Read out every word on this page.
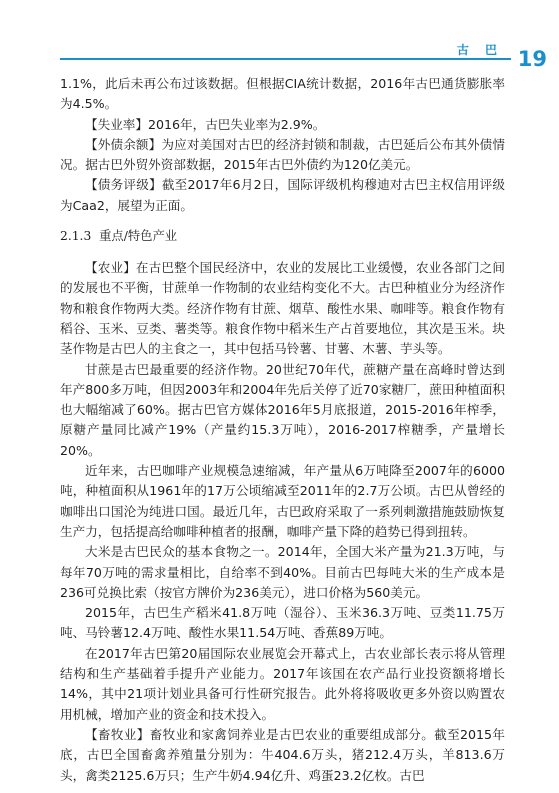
古 巴 19

1.1%，此后未再公布过该数据。但根据CIA统计数据，2016年古巴通货膨胀率为4.5%。

【失业率】2016年，古巴失业率为2.9%。

【外债余额】为应对美国对古巴的经济封锁和制裁，古巴延后公布其外债情况。据古巴外贸外资部数据，2015年古巴外债约为120亿美元。

【债务评级】截至2017年6月2日，国际评级机构穆迪对古巴主权信用评级为Caa2，展望为正面。

2.1.3 重点/特色产业

【农业】在古巴整个国民经济中，农业的发展比工业缓慢，农业各部门之间的发展也不平衡，甘蔗单一作物制的农业结构变化不大。古巴种植业分为经济作物和粮食作物两大类。经济作物有甘蔗、烟草、酸性水果、咖啡等。粮食作物有稻谷、玉米、豆类、薯类等。粮食作物中稻米生产占首要地位，其次是玉米。块茎作物是古巴人的主食之一，其中包括马铃薯、甘薯、木薯、芋头等。

甘蔗是古巴最重要的经济作物。20世纪70年代，蔗糖产量在高峰时曾达到年产800多万吨，但因2003年和2004年先后关停了近70家糖厂，蔗田种植面积也大幅缩减了60%。据古巴官方媒体2016年5月底报道，2015-2016年榨季，原糖产量同比减产19%（产量约15.3万吨），2016-2017榨糖季，产量增长20%。

近年来，古巴咖啡产业规模急速缩减，年产量从6万吨降至2007年的6000吨，种植面积从1961年的17万公顷缩减至2011年的2.7万公顷。古巴从曾经的咖啡出口国沦为纯进口国。最近几年，古巴政府采取了一系列刺激措施鼓励恢复生产力，包括提高给咖啡种植者的报酬，咖啡产量下降的趋势已得到扭转。

大米是古巴民众的基本食物之一。2014年，全国大米产量为21.3万吨，与每年70万吨的需求量相比，自给率不到40%。目前古巴每吨大米的生产成本是236可兑换比索（按官方牌价为236美元），进口价格为560美元。

2015年，古巴生产稻米41.8万吨（湿谷）、玉米36.3万吨、豆类11.75万吨、马铃薯12.4万吨、酸性水果11.54万吨、香蕉89万吨。

在2017年古巴第20届国际农业展览会开幕式上，古农业部长表示将从管理结构和生产基础着手提升产业能力。2017年该国在农产品行业投资额将增长14%，其中21项计划业具备可行性研究报告。此外将将吸收更多外资以购置农用机械，增加产业的资金和技术投入。

【畜牧业】畜牧业和家禽饲养业是古巴农业的重要组成部分。截至2015年底，古巴全国畜禽养殖量分别为：牛404.6万头，猪212.4万头，羊813.6万头，禽类2125.6万只；生产牛奶4.94亿升、鸡蛋23.2亿枚。古巴
